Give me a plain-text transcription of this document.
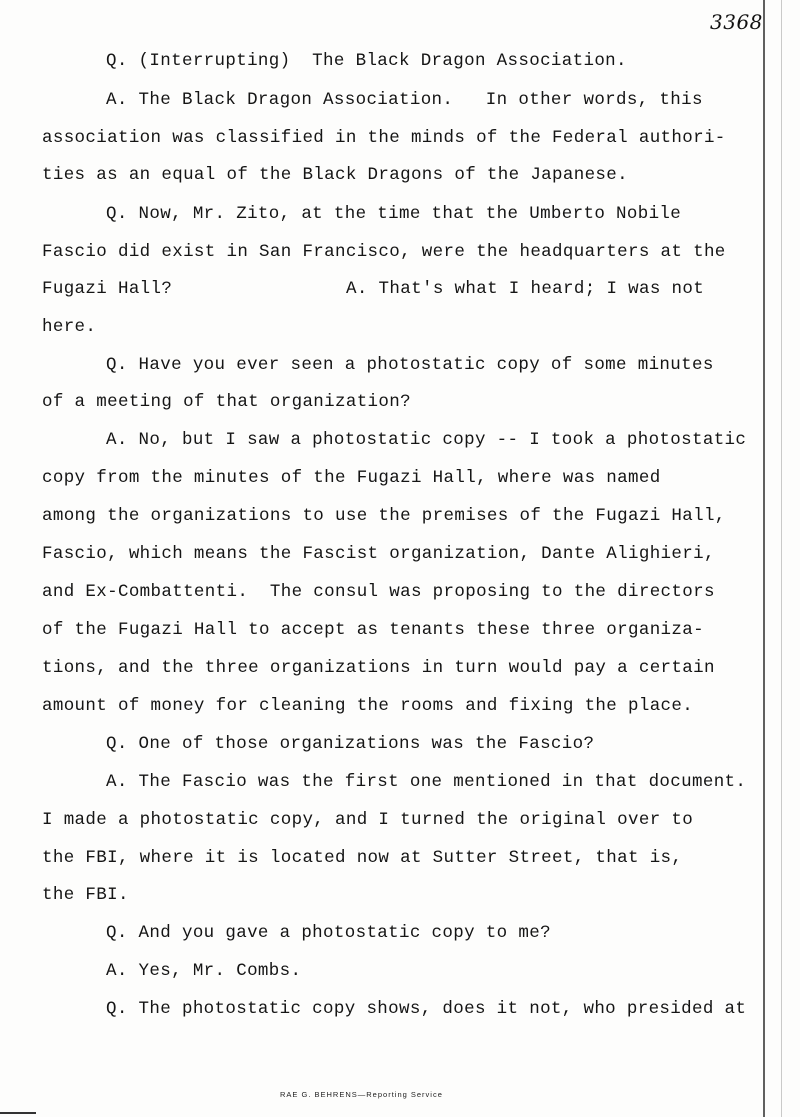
3368
Q. (Interrupting)  The Black Dragon Association.
A. The Black Dragon Association.   In other words, this
association was classified in the minds of the Federal authori-
ties as an equal of the Black Dragons of the Japanese.
Q. Now, Mr. Zito, at the time that the Umberto Nobile
Fascio did exist in San Francisco, were the headquarters at the
Fugazi Hall?	A. That's what I heard; I was not
here.
Q. Have you ever seen a photostatic copy of some minutes
of a meeting of that organization?
A. No, but I saw a photostatic copy -- I took a photostatic
copy from the minutes of the Fugazi Hall, where was named
among the organizations to use the premises of the Fugazi Hall,
Fascio, which means the Fascist organization, Dante Alighieri,
and Ex-Combattenti.  The consul was proposing to the directors
of the Fugazi Hall to accept as tenants these three organiza-
tions, and the three organizations in turn would pay a certain
amount of money for cleaning the rooms and fixing the place.
Q. One of those organizations was the Fascio?
A. The Fascio was the first one mentioned in that document.
I made a photostatic copy, and I turned the original over to
the FBI, where it is located now at Sutter Street, that is,
the FBI.
Q. And you gave a photostatic copy to me?
A. Yes, Mr. Combs.
Q. The photostatic copy shows, does it not, who presided at
RAE G. BEHRENS—Reporting Service
